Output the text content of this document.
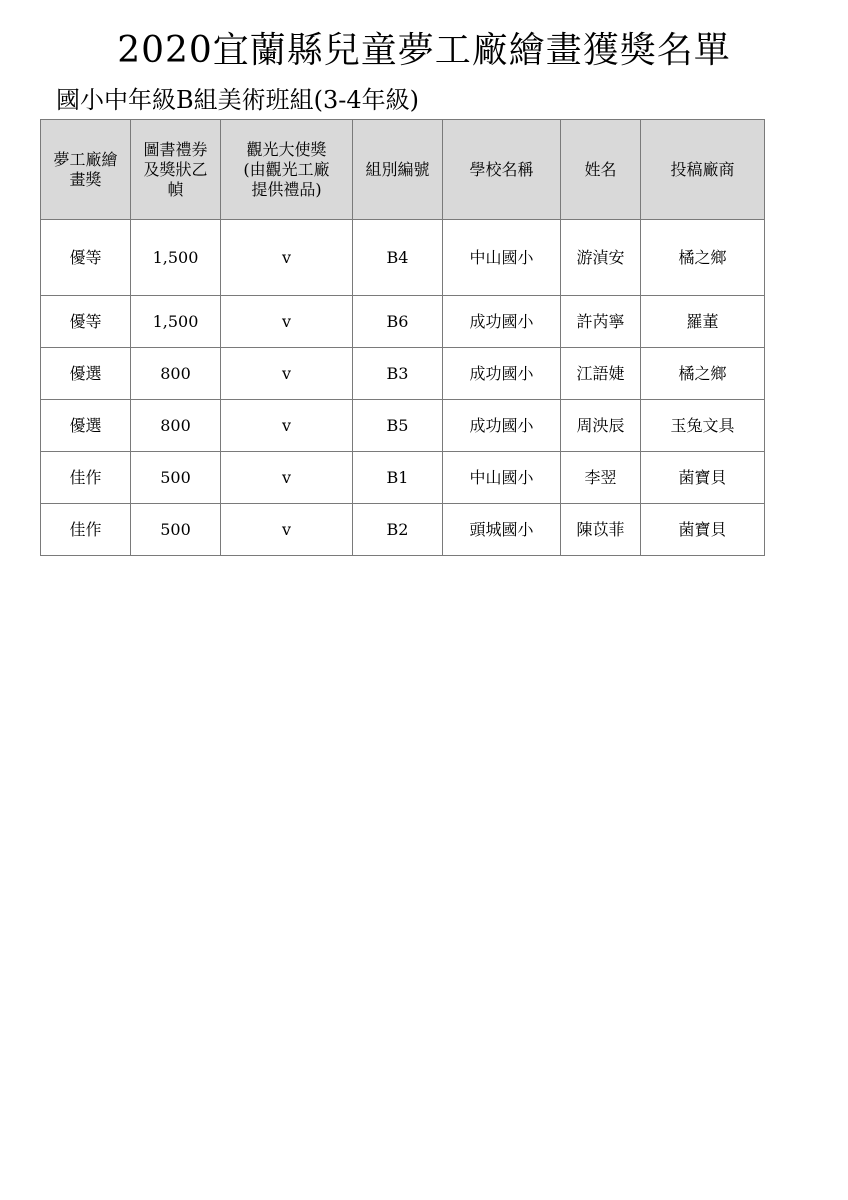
2020宜蘭縣兒童夢工廠繪畫獲獎名單
國小中年級B組美術班組(3-4年級)
夢工廠繪
畫獎	圖書禮券
及獎狀乙
幀	觀光大使獎
(由觀光工廠
提供禮品)	組別編號	學校名稱	姓名	投稿廠商

優等	1,500	v	B4	中山國小	游湞安	橘之鄉
優等	1,500	v	B6	成功國小	許芮寧	羅董
優選	800	v	B3	成功國小	江語婕	橘之鄉
優選	800	v	B5	成功國小	周泱辰	玉兔文具
佳作	500	v	B1	中山國小	李翌	菌寶貝
佳作	500	v	B2	頭城國小	陳苡菲	菌寶貝
